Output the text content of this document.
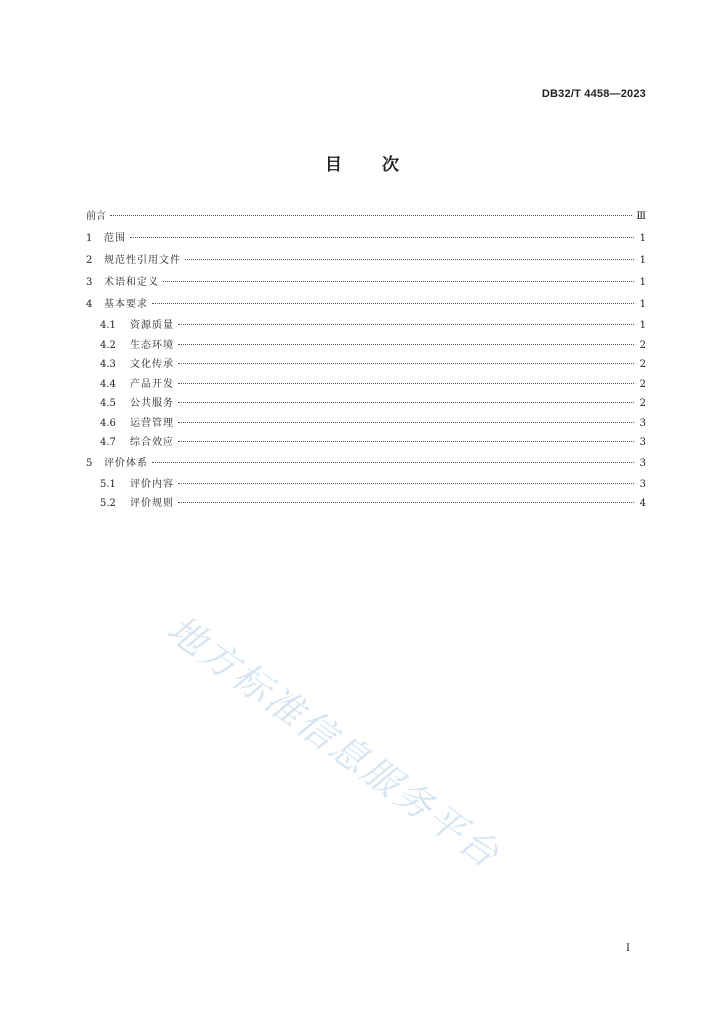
DB32/T 4458—2023
目 次
前言	Ⅲ
1	范围	1
2	规范性引用文件	1
3	术语和定义	1
4	基本要求	1
4.1	资源质量	1
4.2	生态环境	2
4.3	文化传承	2
4.4	产品开发	2
4.5	公共服务	2
4.6	运营管理	3
4.7	综合效应	3
5	评价体系	3
5.1	评价内容	3
5.2	评价规则	4
I
地方标准信息服务平台
